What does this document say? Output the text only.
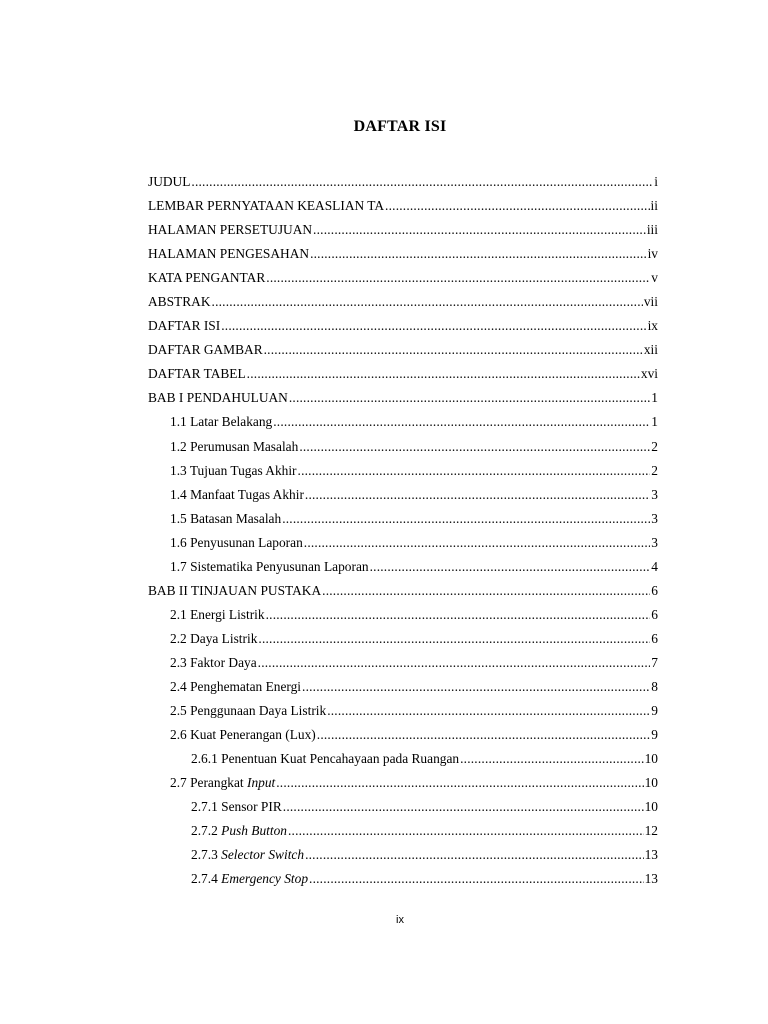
DAFTAR ISI
JUDUL .....	i
LEMBAR PERNYATAAN KEASLIAN TA .....	ii
HALAMAN PERSETUJUAN .....	iii
HALAMAN PENGESAHAN .....	iv
KATA PENGANTAR .....	v
ABSTRAK .....	vii
DAFTAR ISI .....	ix
DAFTAR GAMBAR .....	xii
DAFTAR TABEL .....	xvi
BAB I PENDAHULUAN .....	1
1.1 Latar Belakang .....	1
1.2 Perumusan Masalah .....	2
1.3 Tujuan Tugas Akhir .....	2
1.4 Manfaat Tugas Akhir .....	3
1.5 Batasan Masalah .....	3
1.6 Penyusunan Laporan .....	3
1.7 Sistematika Penyusunan Laporan .....	4
BAB II TINJAUAN PUSTAKA .....	6
2.1 Energi Listrik .....	6
2.2 Daya Listrik .....	6
2.3 Faktor Daya .....	7
2.4 Penghematan Energi .....	8
2.5 Penggunaan Daya Listrik .....	9
2.6 Kuat Penerangan (Lux) .....	9
2.6.1 Penentuan Kuat Pencahayaan pada Ruangan .....	10
2.7 Perangkat Input .....	10
2.7.1 Sensor PIR .....	10
2.7.2 Push Button .....	12
2.7.3 Selector Switch .....	13
2.7.4 Emergency Stop .....	13
ix
